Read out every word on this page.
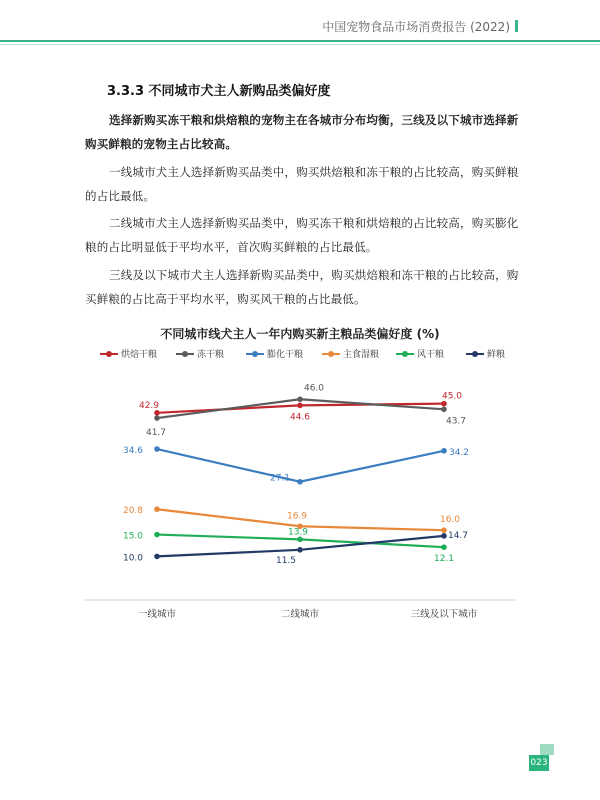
中国宠物食品市场消费报告 (2022)
3.3.3 不同城市犬主人新购品类偏好度
选择新购买冻干粮和烘焙粮的宠物主在各城市分布均衡，三线及以下城市选择新购买鲜粮的宠物主占比较高。
一线城市犬主人选择新购买品类中，购买烘焙粮和冻干粮的占比较高，购买鲜粮的占比最低。
二线城市犬主人选择新购买品类中，购买冻干粮和烘焙粮的占比较高，购买膨化粮的占比明显低于平均水平，首次购买鲜粮的占比最低。
三线及以下城市犬主人选择新购买品类中，购买烘焙粮和冻干粮的占比较高，购买鲜粮的占比高于平均水平，购买风干粮的占比最低。
不同城市线犬主人一年内购买新主粮品类偏好度 (%)
烘焙干粮	冻干粮	膨化干粮	主食湿粮	风干粮	鲜粮
一线城市	二线城市	三线及以下城市
42.9
44.6
45.0
41.7
46.0
43.7
34.6
27.1
34.2
20.8
16.9	16.0
15.0	13.9
12.1
10.0	11.5
14.7
023
